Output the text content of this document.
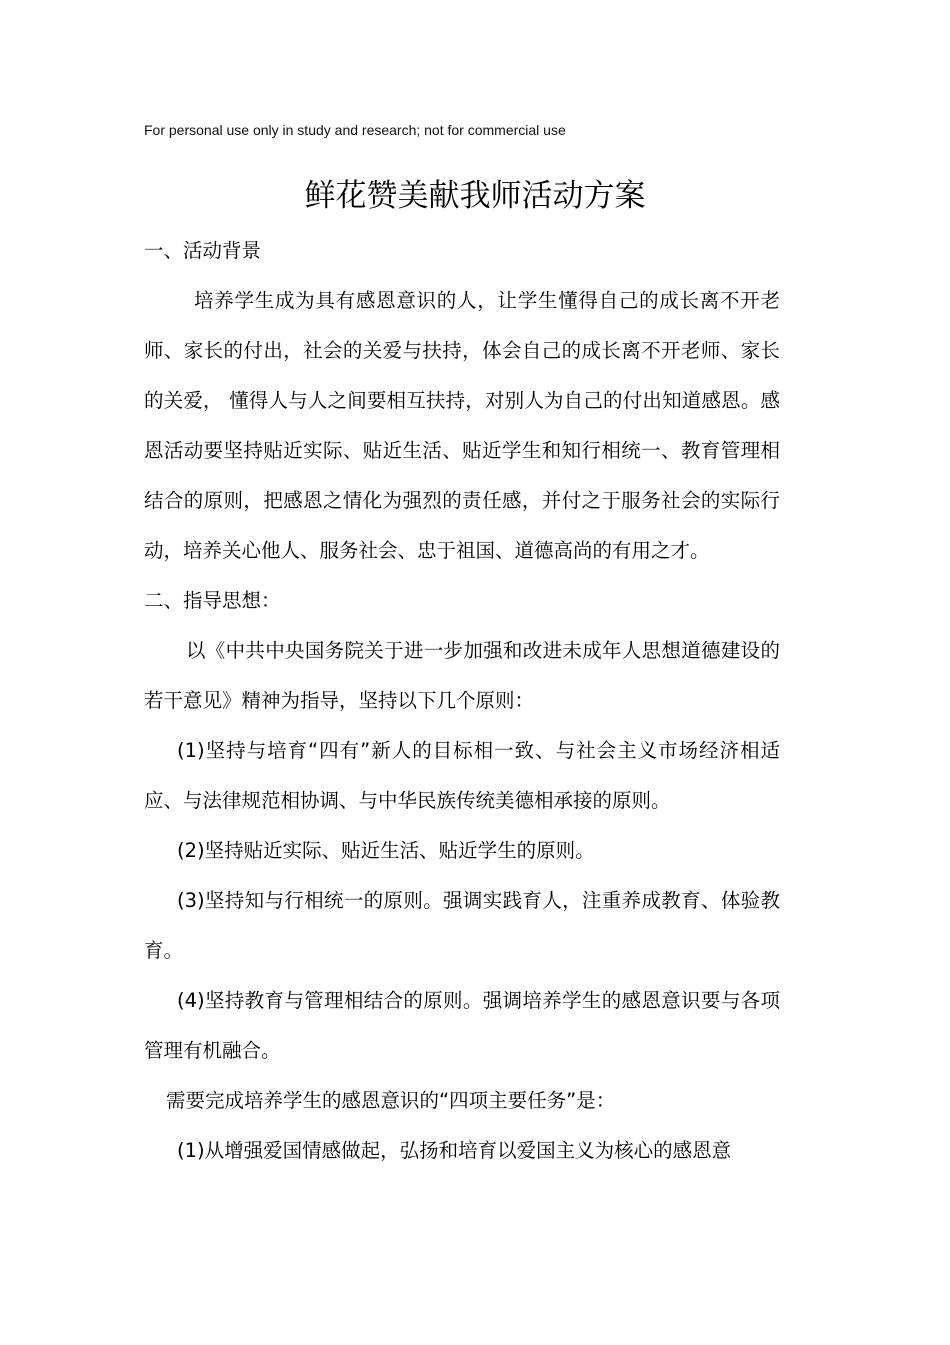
For personal use only in study and research; not for commercial use
鲜花赞美献我师活动方案

一、活动背景

培养学生成为具有感恩意识的人，让学生懂得自己的成长离不开老师、家长的付出，社会的关爱与扶持，体会自己的成长离不开老师、家长的关爱， 懂得人与人之间要相互扶持，对别人为自己的付出知道感恩。感恩活动要坚持贴近实际、贴近生活、贴近学生和知行相统一、教育管理相结合的原则，把感恩之情化为强烈的责任感，并付之于服务社会的实际行动，培养关心他人、服务社会、忠于祖国、道德高尚的有用之才。

二、指导思想：

以《中共中央国务院关于进一步加强和改进未成年人思想道德建设的若干意见》精神为指导，坚持以下几个原则：

(1)坚持与培育“四有”新人的目标相一致、与社会主义市场经济相适应、与法律规范相协调、与中华民族传统美德相承接的原则。

(2)坚持贴近实际、贴近生活、贴近学生的原则。

(3)坚持知与行相统一的原则。强调实践育人，注重养成教育、体验教育。

(4)坚持教育与管理相结合的原则。强调培养学生的感恩意识要与各项管理有机融合。

需要完成培养学生的感恩意识的“四项主要任务”是：

(1)从增强爱国情感做起，弘扬和培育以爱国主义为核心的感恩意
